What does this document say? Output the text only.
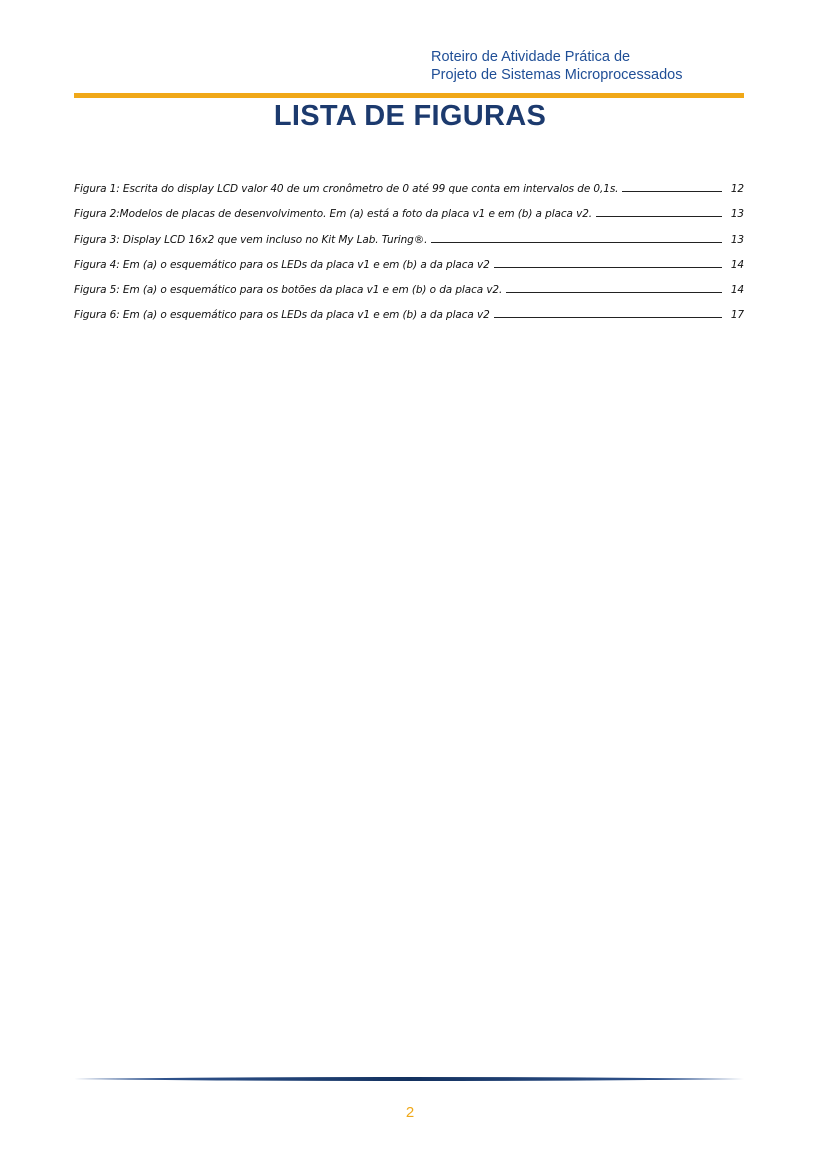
Roteiro de Atividade Prática de
Projeto de Sistemas Microprocessados
LISTA DE FIGURAS
Figura 1: Escrita do display LCD valor 40 de um cronômetro de 0 até 99 que conta em intervalos de 0,1s.	12
Figura 2:Modelos de placas de desenvolvimento. Em (a) está a foto da placa v1 e em (b) a placa v2.	13
Figura 3: Display LCD 16x2 que vem incluso no Kit My Lab. Turing®.	13
Figura 4: Em (a) o esquemático para os LEDs da placa v1 e em (b) a da placa v2	14
Figura 5: Em (a) o esquemático para os botões da placa v1 e em (b) o da placa v2.	14
Figura 6: Em (a) o esquemático para os LEDs da placa v1 e em (b) a da placa v2	17
2
